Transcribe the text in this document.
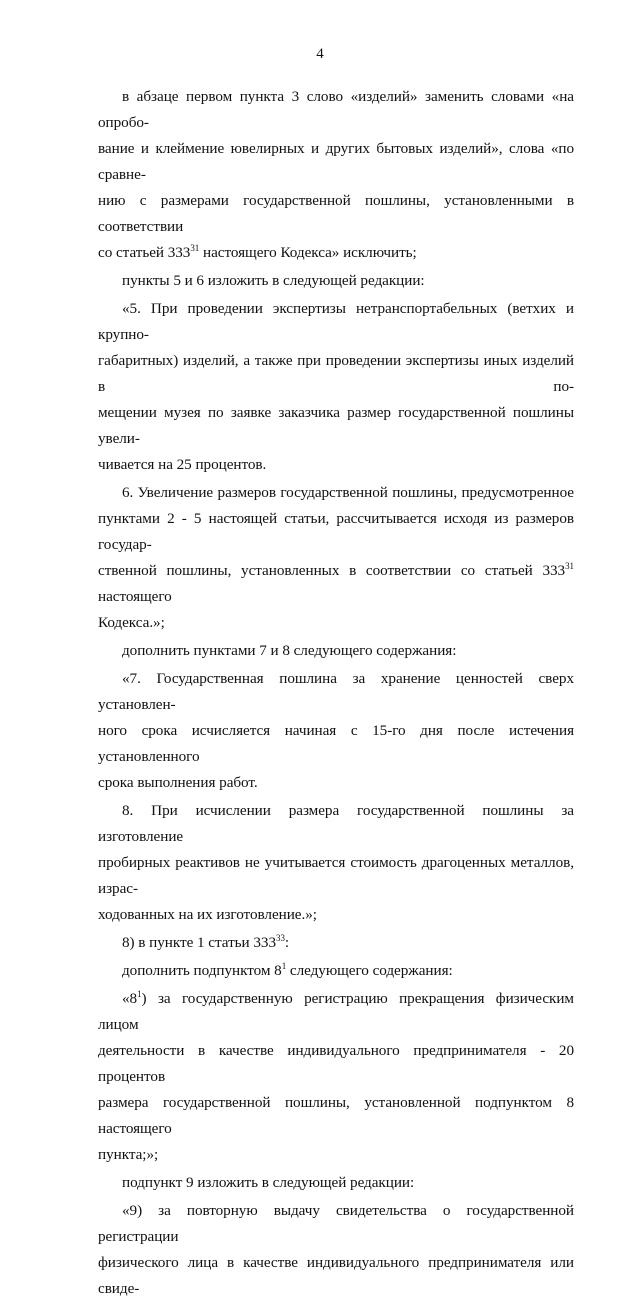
4
в абзаце первом пункта 3 слово «изделий» заменить словами «на опробо-
вание и клеймение ювелирных и других бытовых изделий», слова «по сравне-
нию с размерами государственной пошлины, установленными в соответствии
со статьей $333^{31}$ настоящего Кодекса» исключить;
пункты 5 и 6 изложить в следующей редакции:
«5. При проведении экспертизы нетранспортабельных (ветхих и крупно-
габаритных) изделий, а также при проведении экспертизы иных изделий в по-
мещении музея по заявке заказчика размер государственной пошлины увели-
чивается на 25 процентов.
6. Увеличение размеров государственной пошлины, предусмотренное
пунктами 2 - 5 настоящей статьи, рассчитывается исходя из размеров государ-
ственной пошлины, установленных в соответствии со статьей $333^{31}$ настоящего
Кодекса.»;
дополнить пунктами 7 и 8 следующего содержания:
«7. Государственная пошлина за хранение ценностей сверх установлен-
ного срока исчисляется начиная с 15-го дня после истечения установленного
срока выполнения работ.
8. При исчислении размера государственной пошлины за изготовление
пробирных реактивов не учитывается стоимость драгоценных металлов, израс-
ходованных на их изготовление.»;
8) в пункте 1 статьи $333^{33}$:
дополнить подпунктом $8^1$ следующего содержания:
«$8^1$) за государственную регистрацию прекращения физическим лицом
деятельности в качестве индивидуального предпринимателя - 20 процентов
размера государственной пошлины, установленной подпунктом 8 настоящего
пункта;»;
подпункт 9 изложить в следующей редакции:
«9) за повторную выдачу свидетельства о государственной регистрации
физического лица в качестве индивидуального предпринимателя или свиде-
